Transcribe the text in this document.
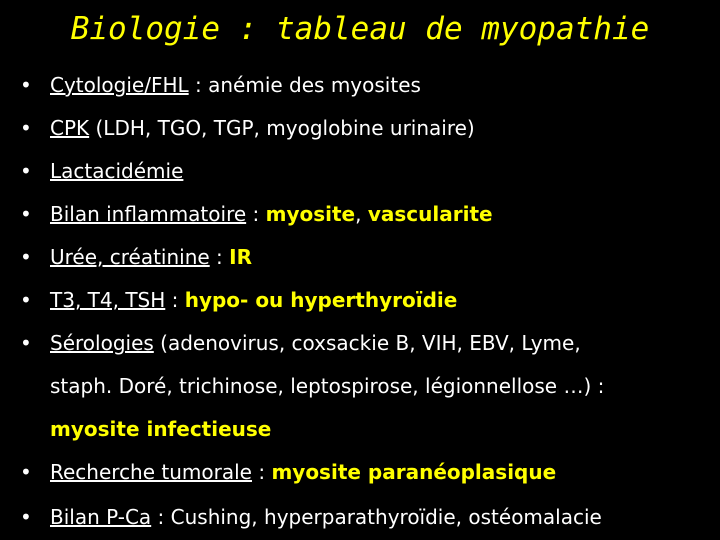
Biologie : tableau de myopathie
• Cytologie/FHL : anémie des myosites
• CPK (LDH, TGO, TGP, myoglobine urinaire)
• Lactacidémie
• Bilan inflammatoire : myosite, vascularite
• Urée, créatinine : IR
• T3, T4, TSH : hypo- ou hyperthyroïdie
• Sérologies (adenovirus, coxsackie B, VIH, EBV, Lyme,
staph. Doré, trichinose, leptospirose, légionnellose …) :
myosite infectieuse
• Recherche tumorale : myosite paranéoplasique
• Bilan P-Ca : Cushing, hyperparathyroïdie, ostéomalacie
